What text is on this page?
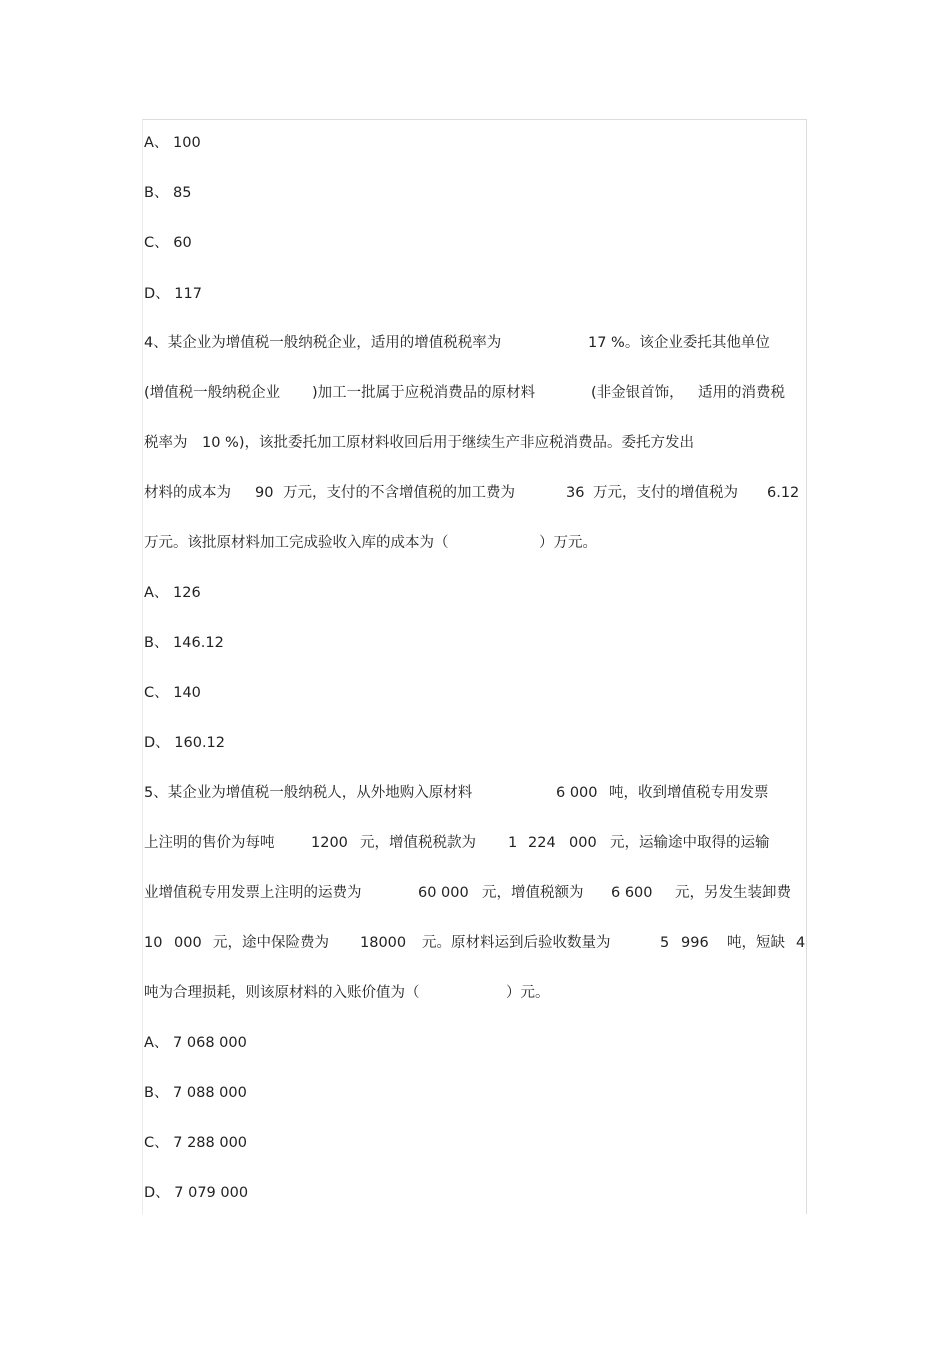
A、 100
B、 85
C、 60
D、 117
4、某企业为增值税一般纳税企业，适用的增值税税率为	17 %。该企业委托其他单位
(增值税一般纳税企业 )加工一批属于应税消费品的原材料	(非金银首饰， 适用的消费税
税率为 10 %)，该批委托加工原材料收回后用于继续生产非应税消费品。委托方发出
材料的成本为 90 万元，支付的不含增值税的加工费为	36 万元，支付的增值税为 6.12
万元。该批原材料加工完成验收入库的成本为（	）万元。
A、 126
B、 146.12
C、 140
D、 160.12
5、某企业为增值税一般纳税人，从外地购入原材料	6 000 吨，收到增值税专用发票
上注明的售价为每吨	1200 元，增值税税款为 1 224 000 元，运输途中取得的运输
业增值税专用发票上注明的运费为	60 000 元，增值税额为 6 600 元，另发生装卸费
10 000 元，途中保险费为 18000 元。原材料运到后验收数量为	5 996 吨，短缺 4
吨为合理损耗，则该原材料的入账价值为（	）元。
A、 7 068 000
B、 7 088 000
C、 7 288 000
D、 7 079 000
